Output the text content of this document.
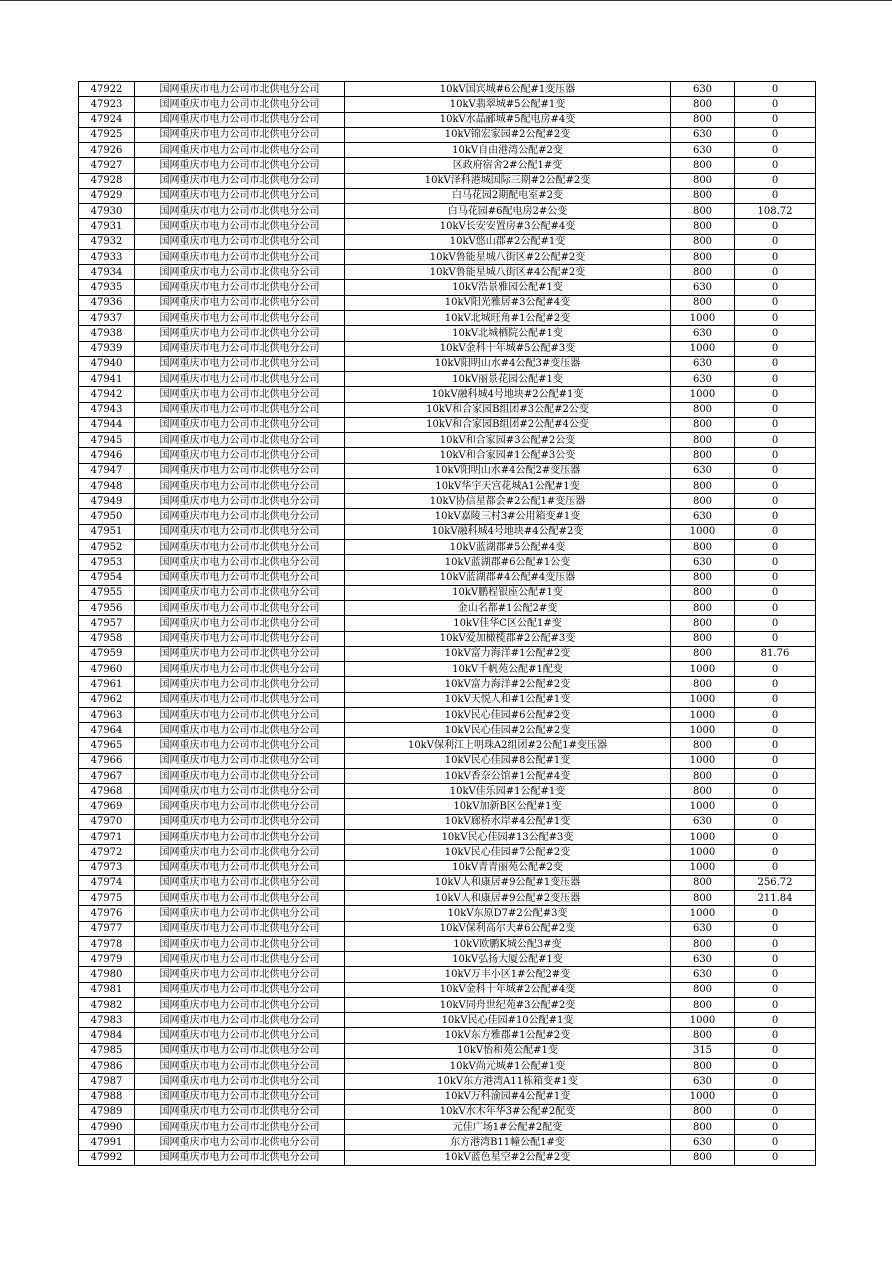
47922	国网重庆市电力公司市北供电分公司	10kV国宾城#6公配#1变压器	630	0
47923	国网重庆市电力公司市北供电分公司	10kV翡翠城#5公配#1变	800	0
47924	国网重庆市电力公司市北供电分公司	10kV水晶郦城#5配电房#4变	800	0
47925	国网重庆市电力公司市北供电分公司	10kV锦宏家园#2公配#2变	630	0
47926	国网重庆市电力公司市北供电分公司	10kV自由港湾公配#2变	630	0
47927	国网重庆市电力公司市北供电分公司	区政府宿舍2#公配1#变	800	0
47928	国网重庆市电力公司市北供电分公司	10kV泽科港城国际三期#2公配#2变	800	0
47929	国网重庆市电力公司市北供电分公司	白马花园2期配电室#2变	800	0
47930	国网重庆市电力公司市北供电分公司	白马花园#6配电房2#公变	800	108.72
47931	国网重庆市电力公司市北供电分公司	10kV长安安置房#3公配#4变	800	0
47932	国网重庆市电力公司市北供电分公司	10kV悠山郡#2公配#1变	800	0
47933	国网重庆市电力公司市北供电分公司	10kV鲁能星城八街区#2公配#2变	800	0
47934	国网重庆市电力公司市北供电分公司	10kV鲁能星城八街区#4公配#2变	800	0
47935	国网重庆市电力公司市北供电分公司	10kV浩景雅园公配#1变	630	0
47936	国网重庆市电力公司市北供电分公司	10kV阳光雅居#3公配#4变	800	0
47937	国网重庆市电力公司市北供电分公司	10kV北城旺角#1公配#2变	1000	0
47938	国网重庆市电力公司市北供电分公司	10kV北城栖院公配#1变	630	0
47939	国网重庆市电力公司市北供电分公司	10kV金科十年城#5公配#3变	1000	0
47940	国网重庆市电力公司市北供电分公司	10kV阳明山水#4公配3#变压器	630	0
47941	国网重庆市电力公司市北供电分公司	10kV丽景花园公配#1变	630	0
47942	国网重庆市电力公司市北供电分公司	10kV融科城4号地块#2公配#1变	1000	0
47943	国网重庆市电力公司市北供电分公司	10kV和合家园B组团#3公配#2公变	800	0
47944	国网重庆市电力公司市北供电分公司	10kV和合家园B组团#2公配#4公变	800	0
47945	国网重庆市电力公司市北供电分公司	10kV和合家园#3公配#2公变	800	0
47946	国网重庆市电力公司市北供电分公司	10kV和合家园#1公配#3公变	800	0
47947	国网重庆市电力公司市北供电分公司	10kV阳明山水#4公配2#变压器	630	0
47948	国网重庆市电力公司市北供电分公司	10kV华宇天宫花城A1公配#1变	800	0
47949	国网重庆市电力公司市北供电分公司	10kV协信星都会#2公配1#变压器	800	0
47950	国网重庆市电力公司市北供电分公司	10kV嘉陵三村3#公用箱变#1变	630	0
47951	国网重庆市电力公司市北供电分公司	10kV融科城4号地块#4公配#2变	1000	0
47952	国网重庆市电力公司市北供电分公司	10kV蓝湖郡#5公配#4变	800	0
47953	国网重庆市电力公司市北供电分公司	10kV蓝湖郡#6公配#1公变	630	0
47954	国网重庆市电力公司市北供电分公司	10kV蓝湖郡#4公配#4变压器	800	0
47955	国网重庆市电力公司市北供电分公司	10kV鹏程银座公配#1变	800	0
47956	国网重庆市电力公司市北供电分公司	金山名都#1公配2#变	800	0
47957	国网重庆市电力公司市北供电分公司	10kV佳华C区公配1#变	800	0
47958	国网重庆市电力公司市北供电分公司	10kV爱加橄榄郡#2公配#3变	800	0
47959	国网重庆市电力公司市北供电分公司	10kV富力海洋#1公配#2变	800	81.76
47960	国网重庆市电力公司市北供电分公司	10kV千帆苑公配#1配变	1000	0
47961	国网重庆市电力公司市北供电分公司	10kV富力海洋#2公配#2变	800	0
47962	国网重庆市电力公司市北供电分公司	10kV天悦人和#1公配#1变	1000	0
47963	国网重庆市电力公司市北供电分公司	10kV民心佳园#6公配#2变	1000	0
47964	国网重庆市电力公司市北供电分公司	10kV民心佳园#2公配#2变	1000	0
47965	国网重庆市电力公司市北供电分公司	10kV保利江上明珠A2组团#2公配1#变压器	800	0
47966	国网重庆市电力公司市北供电分公司	10kV民心佳园#8公配#1变	1000	0
47967	国网重庆市电力公司市北供电分公司	10kV香奈公馆#1公配#4变	800	0
47968	国网重庆市电力公司市北供电分公司	10kV佳乐园#1公配#1变	800	0
47969	国网重庆市电力公司市北供电分公司	10kV加新B区公配#1变	1000	0
47970	国网重庆市电力公司市北供电分公司	10kV廊桥水岸#4公配#1变	630	0
47971	国网重庆市电力公司市北供电分公司	10kV民心佳园#13公配#3变	1000	0
47972	国网重庆市电力公司市北供电分公司	10kV民心佳园#7公配#2变	1000	0
47973	国网重庆市电力公司市北供电分公司	10kV青青丽苑公配#2变	1000	0
47974	国网重庆市电力公司市北供电分公司	10kV人和康居#9公配#1变压器	800	256.72
47975	国网重庆市电力公司市北供电分公司	10kV人和康居#9公配#2变压器	800	211.84
47976	国网重庆市电力公司市北供电分公司	10kV东原D7#2公配#3变	1000	0
47977	国网重庆市电力公司市北供电分公司	10kV保利高尔夫#6公配#2变	630	0
47978	国网重庆市电力公司市北供电分公司	10kV欧鹏K城公配3#变	800	0
47979	国网重庆市电力公司市北供电分公司	10kV弘扬大厦公配#1变	630	0
47980	国网重庆市电力公司市北供电分公司	10kV万丰小区1#公配2#变	630	0
47981	国网重庆市电力公司市北供电分公司	10kV金科十年城#2公配#4变	800	0
47982	国网重庆市电力公司市北供电分公司	10kV同舟世纪苑#3公配#2变	800	0
47983	国网重庆市电力公司市北供电分公司	10kV民心佳园#10公配#1变	1000	0
47984	国网重庆市电力公司市北供电分公司	10kV东方雅郡#1公配#2变	800	0
47985	国网重庆市电力公司市北供电分公司	10kV怡和苑公配#1变	315	0
47986	国网重庆市电力公司市北供电分公司	10kV尚元城#1公配#1变	800	0
47987	国网重庆市电力公司市北供电分公司	10kV东方港湾A11栋箱变#1变	630	0
47988	国网重庆市电力公司市北供电分公司	10kV万科渝园#4公配#1变	1000	0
47989	国网重庆市电力公司市北供电分公司	10kV水木年华3#公配#2配变	800	0
47990	国网重庆市电力公司市北供电分公司	元佳广场1#公配#2配变	800	0
47991	国网重庆市电力公司市北供电分公司	东方港湾B11幢公配1#变	630	0
47992	国网重庆市电力公司市北供电分公司	10kV蓝色星空#2公配#2变	800	0
